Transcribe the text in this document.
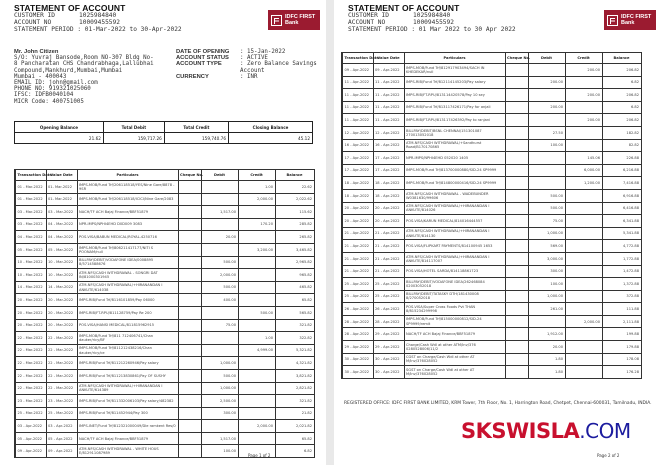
STATEMENT OF ACCOUNT
CUSTOMER ID	1025984840
ACCOUNT NO	10009455592
STATEMENT PERIOD : 01-Mar-2022 to 30-Apr-2022
IDFC FIRST
Bank
Mr. John Citizen
S/O: Yuvraj Bansode,Room NO-307 Bldg No-
8 Pancharatan CHS Chandrabhaga,Lallubhai
Compound,Mankhurd,Mumbai,Mumbai
Mumbai - 400043
EMAIL ID: john@gmail.com
PHONE NO: 919321025060
IFSC: IDFB0040104
MICR Code: 400751005
DATE OF OPENING	: 15-Jan-2022
ACCOUNT STATUS	: ACTIVE
ACCOUNT TYPE	: Zero Balance Savings Account
CURRENCY	: INR
Opening Balance	Total Debit	Total Credit	Closing Balance
21.62	159,717.26	159,740.76	45.12
Transaction Date	Value Date	Particulars	Cheque No.	Debit	Credit	Balance
01 - Mar-2022	01- Mar-2022	IMPS-MOB/Fund Trf/206118518/YES/Nine Gare/8878 - 9SR			1.00	22.62
01 - Mar-2022	01- Mar-2022	IMPS-MOB/Fund Trf/206118518/ICICI/Nine Gare/2083			2,000.00	2,022.62
03 - Mar-2022	03 - Mar-2022	NACH/TF ACH Bajaj Finance/BBF51879		1,517.00		115.62
03 - Mar-2022	04 - Mar-2022	NPR-IMPS/NPHI4EHD D0D009 3083			170.20	285.82
04 - Mar-2022	04 - Mar-2022	POS-VISA/BABUN MEDICAL/ROYAL-4250716		20.00		265.82
05 - Mar-2022	05 - Mar-2022	IMPS-MOB/Fund Trf/806211417177/NITI S POONAM/null			3,200.00	3,465.82
10 - Mar-2022	10 - Mar-2022	BILLPAY/DEBIT/VODAFONE IDEA/0008895 8/5714588676		500.00		2,965.82
10 - Mar-2022	10 - Mar-2022	ATM-NFS/CASH WITHDRAWAL - SONGRI DAT IN/81000301945		2,000.00		965.82
14 - Mar-2022	14 - Mar-2022	ATM-NFS/CASH WITHDRAWAL/+HIRANANDAN I ANKUTE/614038		500.00		465.82
20 - Mar-2022	20 - Mar-2022	IMPS-RIB/Fund Trf/8116101859/Pay 06000		400.00		65.82
20 - Mar-2022	20 - Mar-2022	IMPS-RIB/FT-RPU/811128759/Pay Re 200			500.00	565.82
20 - Mar-2022	20 - Mar-2022	POS-VISA/HANSI MEDICAL/811815962915		75.00		321.82
22 - Mar-2022	22 - Mar-2022	IMPS-MOB/Fund Trf/811 712406741/Chan dauker/ricy/BF			1.00	322.82
22 - Mar-2022	22 - Mar-2022	IMPS-MOB/Fund Trf/811212438216/Chan dauker/ricy/ce			4,999.00	5,321.82
22 - Mar-2022	22 - Mar-2022	IMPS-RIB/Fund Trf/811212260946/Pay salary		1,000.00		4,321.82
22 - Mar-2022	22 - Mar-2022	IMPS-RIB/Fund Trf/811213830861/Pay OF SUSHY		500.00		3,821.82
22 - Mar-2022	22 - Mar-2022	ATM-NFS/CASH WITHDRAWAL/+HIRANANDAN I ANKUTE/614389		1,000.00		2,821.82
23 - Mar-2022	23 - Mar-2022	IMPS-RIB/Fund Trf/811332006103/Pay salary/482382		2,500.00		321.82
25 - Mar-2022	25 - Mar-2022	IMPS-RIB/Fund Trf/811452944/Pay 300		300.00		21.82
03 - Apr-2022	03 - Apr-2022	IMPS-INET/Fund Trf/812321000049/Dle ramkent Res/0			2,000.00	2,021.82
05 - Apr-2022	05 - Apr-2022	NACH/TF ACH Bajaj Finance/BBF51879		1,517.00		65.82
09 - Apr-2022	09 - Apr-2022	ATM-NFS/CASH WITHDRAWAL - WHITE HOUS E/812911087989		100.00		6.82
Page 1 of 2
STATEMENT OF ACCOUNT
CUSTOMER ID	1025984840
ACCOUNT NO	10009455592
STATEMENT PERIOD : 01 Mar 2022 to 30 Apr 2022
IDFC FIRST
Bank
Transaction Date	Value Date	Particulars	Cheque No.	Debit	Credit	Balance
09 - Apr-2022	09 - Apr-2022	IMPS-MOB/Fund Trf/812917903494/SACH IN KHEDEKAR/null			200.00	206.82
11 - Apr-2022	11 - Apr-2022	IMPS-RIB/Fund Trf/812114145203/Pay salary		200.00		6.82
11 - Apr-2022	11 - Apr-2022	IMPS-RIB/FT-RPU/813114420578/Pay 10 sey			200.00	206.82
11 - Apr-2022	11 - Apr-2022	IMPS-RIB/Fund Trf/813117426171/Pay for anjali		200.00		6.82
11 - Apr-2022	11 - Apr-2022	IMPS-RIB/FT-RPU/813117426392/Pay to ranjani			200.00	206.82
12 - Apr-2022	12 - Apr-2022	BILLPAY/DEBIT/BSNL CHENNAI/151301087 270013052018		27.50		182.82
16 - Apr-2022	16 - Apr-2022	ATM-NFS/CASH WITHDRAWAL/+Sandhurst Road/B170170865		100.00		82.82
17 - Apr-2022	17 - Apr-2022	NPR-IMPS/NPHI4EHD 052020 1405			145.06	226.88
17 - Apr-2022	17 - Apr-2022	IMPS-MOB/Fund Trf/813700000880/SID-24 SP9999			6,000.00	6,216.88
18 - Apr-2022	18 - Apr-2022	IMPS-MOB/Fund Trf/814800000416/SID-24 SP9999			1,200.00	7,416.88
18 - Apr-2022	18 - Apr-2022	ATM-NFS/CASH WITHDRAWAL - WADEBUNDER W0381630/99606		500.00		6,916.88
20 - Apr-2022	20 - Apr-2022	ATM-NFS/CASH WITHDRAWAL/+HIRANANDAN I ANKUTE/814026		500.00		6,416.88
20 - Apr-2022	20 - Apr-2022	POS-VISA/KARUN MEDICAL/814016444557		75.00		6,341.88
21 - Apr-2022	21 - Apr-2022	ATM-NFS/CASH WITHDRAWAL/+HIRANANDAN I ANKUTE/814130		1,000.00		5,341.88
21 - Apr-2022	21 - Apr-2022	POS-VISA/FLIPKART PAYMENTS/814100945 1653		569.00		4,772.88
21 - Apr-2022	21 - Apr-2022	ATM-NFS/CASH WITHDRAWAL/+HIRANANDAN I ANKUTE/814117007		3,000.00		1,772.88
21 - Apr-2022	21 - Apr-2022	POS-VISA/HOTEL SARDA/814118861723		300.00		1,472.88
25 - Apr-2022	25 - Apr-2022	BILLPAY/DEBIT/VODAFONE IDEA/262468084 02003052018		100.00		1,372.88
25 - Apr-2022	25 - Apr-2022	BILLPAY/DEBIT/TATASKY DTH/181430008 8/270052018		1,000.00		372.88
26 - Apr-2022	26 - Apr-2022	POS-VISA/Super Cross Foods Pvt THAN 8/815234299998		261.00		111.88
28 - Apr-2022	28 - Apr-2022	IMPS-MOB/Fund Trf/815000000812/SID-24 SP9999/remit			2,000.00	2,111.88
28 - Apr-2022	29 - Apr-2022	NACH/TF ACH Bajaj Finance/BBF51879		1,912.00		199.88
29 - Apr-2022	29 - Apr-2022	Charge/Cash Wdl at other ATM/Inv/376 0280528006/11/2		20.00		179.88
30 - Apr-2022	30 - Apr-2022	CGST on Charge/Cash Wdl at other AT M/Inv/376028052		1.80		178.08
30 - Apr-2022	30 - Apr-2022	SGST on Charge/Cash Wdl at other AT M/Inv/376028052		1.80		176.28
REGISTERED OFFICE: IDFC FIRST BANK LIMITED, KRM Tower, 7th Floor, No. 1, Harrington Road, Chetpet, Chennai-600031, Tamilnadu, INDIA.
SKSWISLA.COM
Page 2 of 2
